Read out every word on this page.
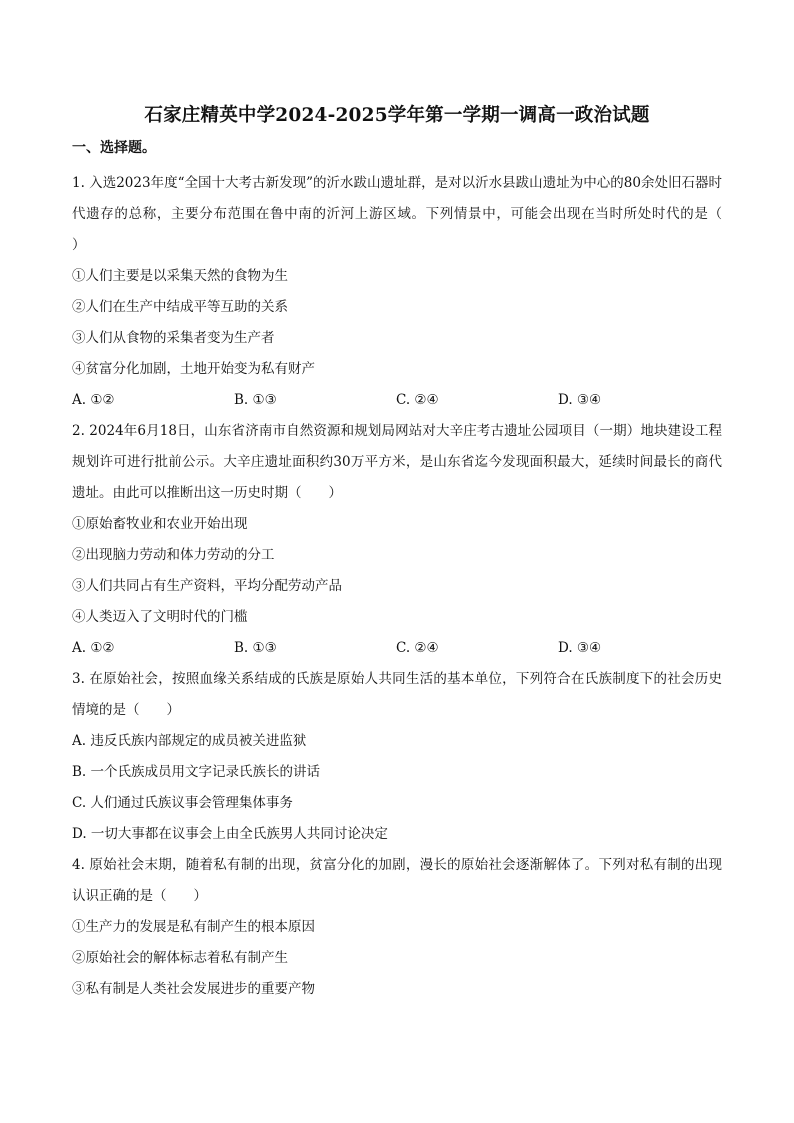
石家庄精英中学2024-2025学年第一学期一调高一政治试题
一、选择题。
1. 入选2023年度“全国十大考古新发现”的沂水跋山遗址群，是对以沂水县跋山遗址为中心的80余处旧石器时代遗存的总称，主要分布范围在鲁中南的沂河上游区域。下列情景中，可能会出现在当时所处时代的是（　　）
①人们主要是以采集天然的食物为生
②人们在生产中结成平等互助的关系
③人们从食物的采集者变为生产者
④贫富分化加剧，土地开始变为私有财产
A. ①②	B. ①③	C. ②④	D. ③④
2. 2024年6月18日，山东省济南市自然资源和规划局网站对大辛庄考古遗址公园项目（一期）地块建设工程规划许可进行批前公示。大辛庄遗址面积约30万平方米，是山东省迄今发现面积最大，延续时间最长的商代遗址。由此可以推断出这一历史时期（　　）
①原始畜牧业和农业开始出现
②出现脑力劳动和体力劳动的分工
③人们共同占有生产资料，平均分配劳动产品
④人类迈入了文明时代的门槛
A. ①②	B. ①③	C. ②④	D. ③④
3. 在原始社会，按照血缘关系结成的氏族是原始人共同生活的基本单位，下列符合在氏族制度下的社会历史情境的是（　　）
A. 违反氏族内部规定的成员被关进监狱
B. 一个氏族成员用文字记录氏族长的讲话
C. 人们通过氏族议事会管理集体事务
D. 一切大事都在议事会上由全氏族男人共同讨论决定
4. 原始社会末期，随着私有制的出现，贫富分化的加剧，漫长的原始社会逐渐解体了。下列对私有制的出现认识正确的是（　　）
①生产力的发展是私有制产生的根本原因
②原始社会的解体标志着私有制产生
③私有制是人类社会发展进步的重要产物
